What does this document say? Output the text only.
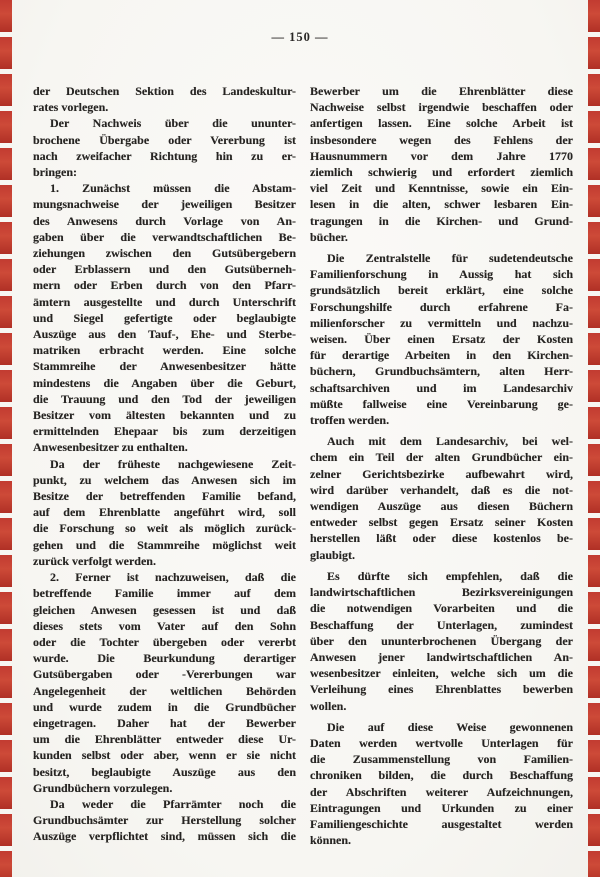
— 150 —
der Deutschen Sektion des Landeskultur-
rates vorlegen.
Der Nachweis über die ununter-
brochene Übergabe oder Vererbung ist
nach zweifacher Richtung hin zu er-
bringen:
1. Zunächst müssen die Abstam-
mungsnachweise der jeweiligen Besitzer
des Anwesens durch Vorlage von An-
gaben über die verwandtschaftlichen Be-
ziehungen zwischen den Gutsübergebern
oder Erblassern und den Gutsüberneh-
mern oder Erben durch von den Pfarr-
ämtern ausgestellte und durch Unterschrift
und Siegel gefertigte oder beglaubigte
Auszüge aus den Tauf-, Ehe- und Sterbe-
matriken erbracht werden. Eine solche
Stammreihe der Anwesenbesitzer hätte
mindestens die Angaben über die Geburt,
die Trauung und den Tod der jeweiligen
Besitzer vom ältesten bekannten und zu
ermittelnden Ehepaar bis zum derzeitigen
Anwesenbesitzer zu enthalten.
Da der früheste nachgewiesene Zeit-
punkt, zu welchem das Anwesen sich im
Besitze der betreffenden Familie befand,
auf dem Ehrenblatte angeführt wird, soll
die Forschung so weit als möglich zurück-
gehen und die Stammreihe möglichst weit
zurück verfolgt werden.
2. Ferner ist nachzuweisen, daß die
betreffende Familie immer auf dem
gleichen Anwesen gesessen ist und daß
dieses stets vom Vater auf den Sohn
oder die Tochter übergeben oder vererbt
wurde. Die Beurkundung derartiger
Gutsübergaben oder -Vererbungen war
Angelegenheit der weltlichen Behörden
und wurde zudem in die Grundbücher
eingetragen. Daher hat der Bewerber
um die Ehrenblätter entweder diese Ur-
kunden selbst oder aber, wenn er sie nicht
besitzt, beglaubigte Auszüge aus den
Grundbüchern vorzulegen.
Da weder die Pfarrämter noch die
Grundbuchsämter zur Herstellung solcher
Auszüge verpflichtet sind, müssen sich die
Bewerber um die Ehrenblätter diese
Nachweise selbst irgendwie beschaffen oder
anfertigen lassen. Eine solche Arbeit ist
insbesondere wegen des Fehlens der
Hausnummern vor dem Jahre 1770
ziemlich schwierig und erfordert ziemlich
viel Zeit und Kenntnisse, sowie ein Ein-
lesen in die alten, schwer lesbaren Ein-
tragungen in die Kirchen- und Grund-
bücher.
Die Zentralstelle für sudetendeutsche
Familienforschung in Aussig hat sich
grundsätzlich bereit erklärt, eine solche
Forschungshilfe durch erfahrene Fa-
milienforscher zu vermitteln und nachzu-
weisen. Über einen Ersatz der Kosten
für derartige Arbeiten in den Kirchen-
büchern, Grundbuchsämtern, alten Herr-
schaftsarchiven und im Landesarchiv
müßte fallweise eine Vereinbarung ge-
troffen werden.
Auch mit dem Landesarchiv, bei wel-
chem ein Teil der alten Grundbücher ein-
zelner Gerichtsbezirke aufbewahrt wird,
wird darüber verhandelt, daß es die not-
wendigen Auszüge aus diesen Büchern
entweder selbst gegen Ersatz seiner Kosten
herstellen läßt oder diese kostenlos be-
glaubigt.
Es dürfte sich empfehlen, daß die
landwirtschaftlichen Bezirksvereinigungen
die notwendigen Vorarbeiten und die
Beschaffung der Unterlagen, zumindest
über den ununterbrochenen Übergang der
Anwesen jener landwirtschaftlichen An-
wesenbesitzer einleiten, welche sich um die
Verleihung eines Ehrenblattes bewerben
wollen.
Die auf diese Weise gewonnenen
Daten werden wertvolle Unterlagen für
die Zusammenstellung von Familien-
chroniken bilden, die durch Beschaffung
der Abschriften weiterer Aufzeichnungen,
Eintragungen und Urkunden zu einer
Familiengeschichte ausgestaltet werden
können.
